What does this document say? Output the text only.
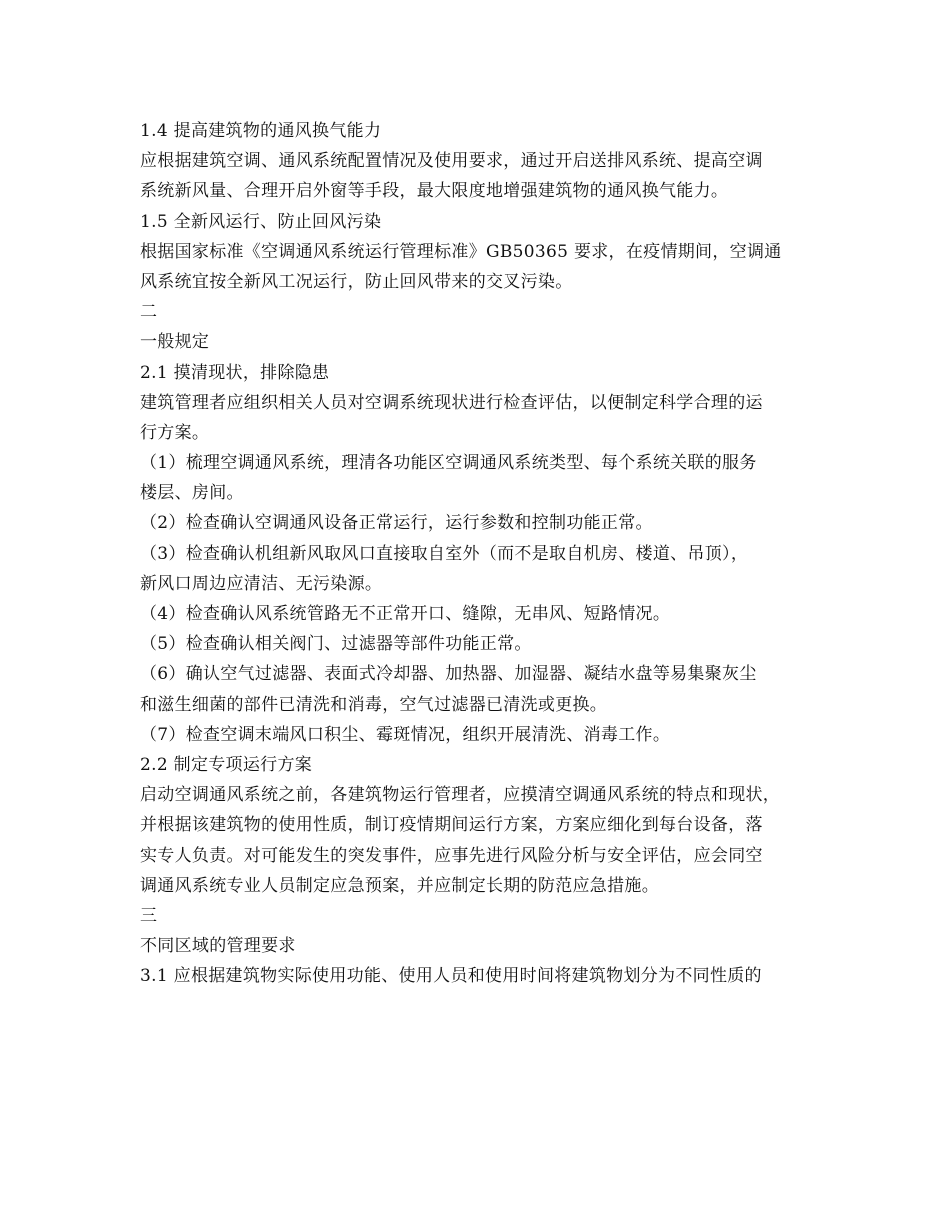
1.4 提高建筑物的通风换气能力
应根据建筑空调、通风系统配置情况及使用要求，通过开启送排风系统、提高空调
系统新风量、合理开启外窗等手段，最大限度地增强建筑物的通风换气能力。
1.5 全新风运行、防止回风污染
根据国家标准《空调通风系统运行管理标准》GB50365 要求，在疫情期间，空调通
风系统宜按全新风工况运行，防止回风带来的交叉污染。
二
一般规定
2.1 摸清现状，排除隐患
建筑管理者应组织相关人员对空调系统现状进行检查评估，以便制定科学合理的运
行方案。
（1）梳理空调通风系统，理清各功能区空调通风系统类型、每个系统关联的服务
楼层、房间。
（2）检查确认空调通风设备正常运行，运行参数和控制功能正常。
（3）检查确认机组新风取风口直接取自室外（而不是取自机房、楼道、吊顶），
新风口周边应清洁、无污染源。
（4）检查确认风系统管路无不正常开口、缝隙，无串风、短路情况。
（5）检查确认相关阀门、过滤器等部件功能正常。
（6）确认空气过滤器、表面式冷却器、加热器、加湿器、凝结水盘等易集聚灰尘
和滋生细菌的部件已清洗和消毒，空气过滤器已清洗或更换。
（7）检查空调末端风口积尘、霉斑情况，组织开展清洗、消毒工作。
2.2 制定专项运行方案
启动空调通风系统之前，各建筑物运行管理者，应摸清空调通风系统的特点和现状，
并根据该建筑物的使用性质，制订疫情期间运行方案，方案应细化到每台设备，落
实专人负责。对可能发生的突发事件，应事先进行风险分析与安全评估，应会同空
调通风系统专业人员制定应急预案，并应制定长期的防范应急措施。
三
不同区域的管理要求
3.1 应根据建筑物实际使用功能、使用人员和使用时间将建筑物划分为不同性质的
